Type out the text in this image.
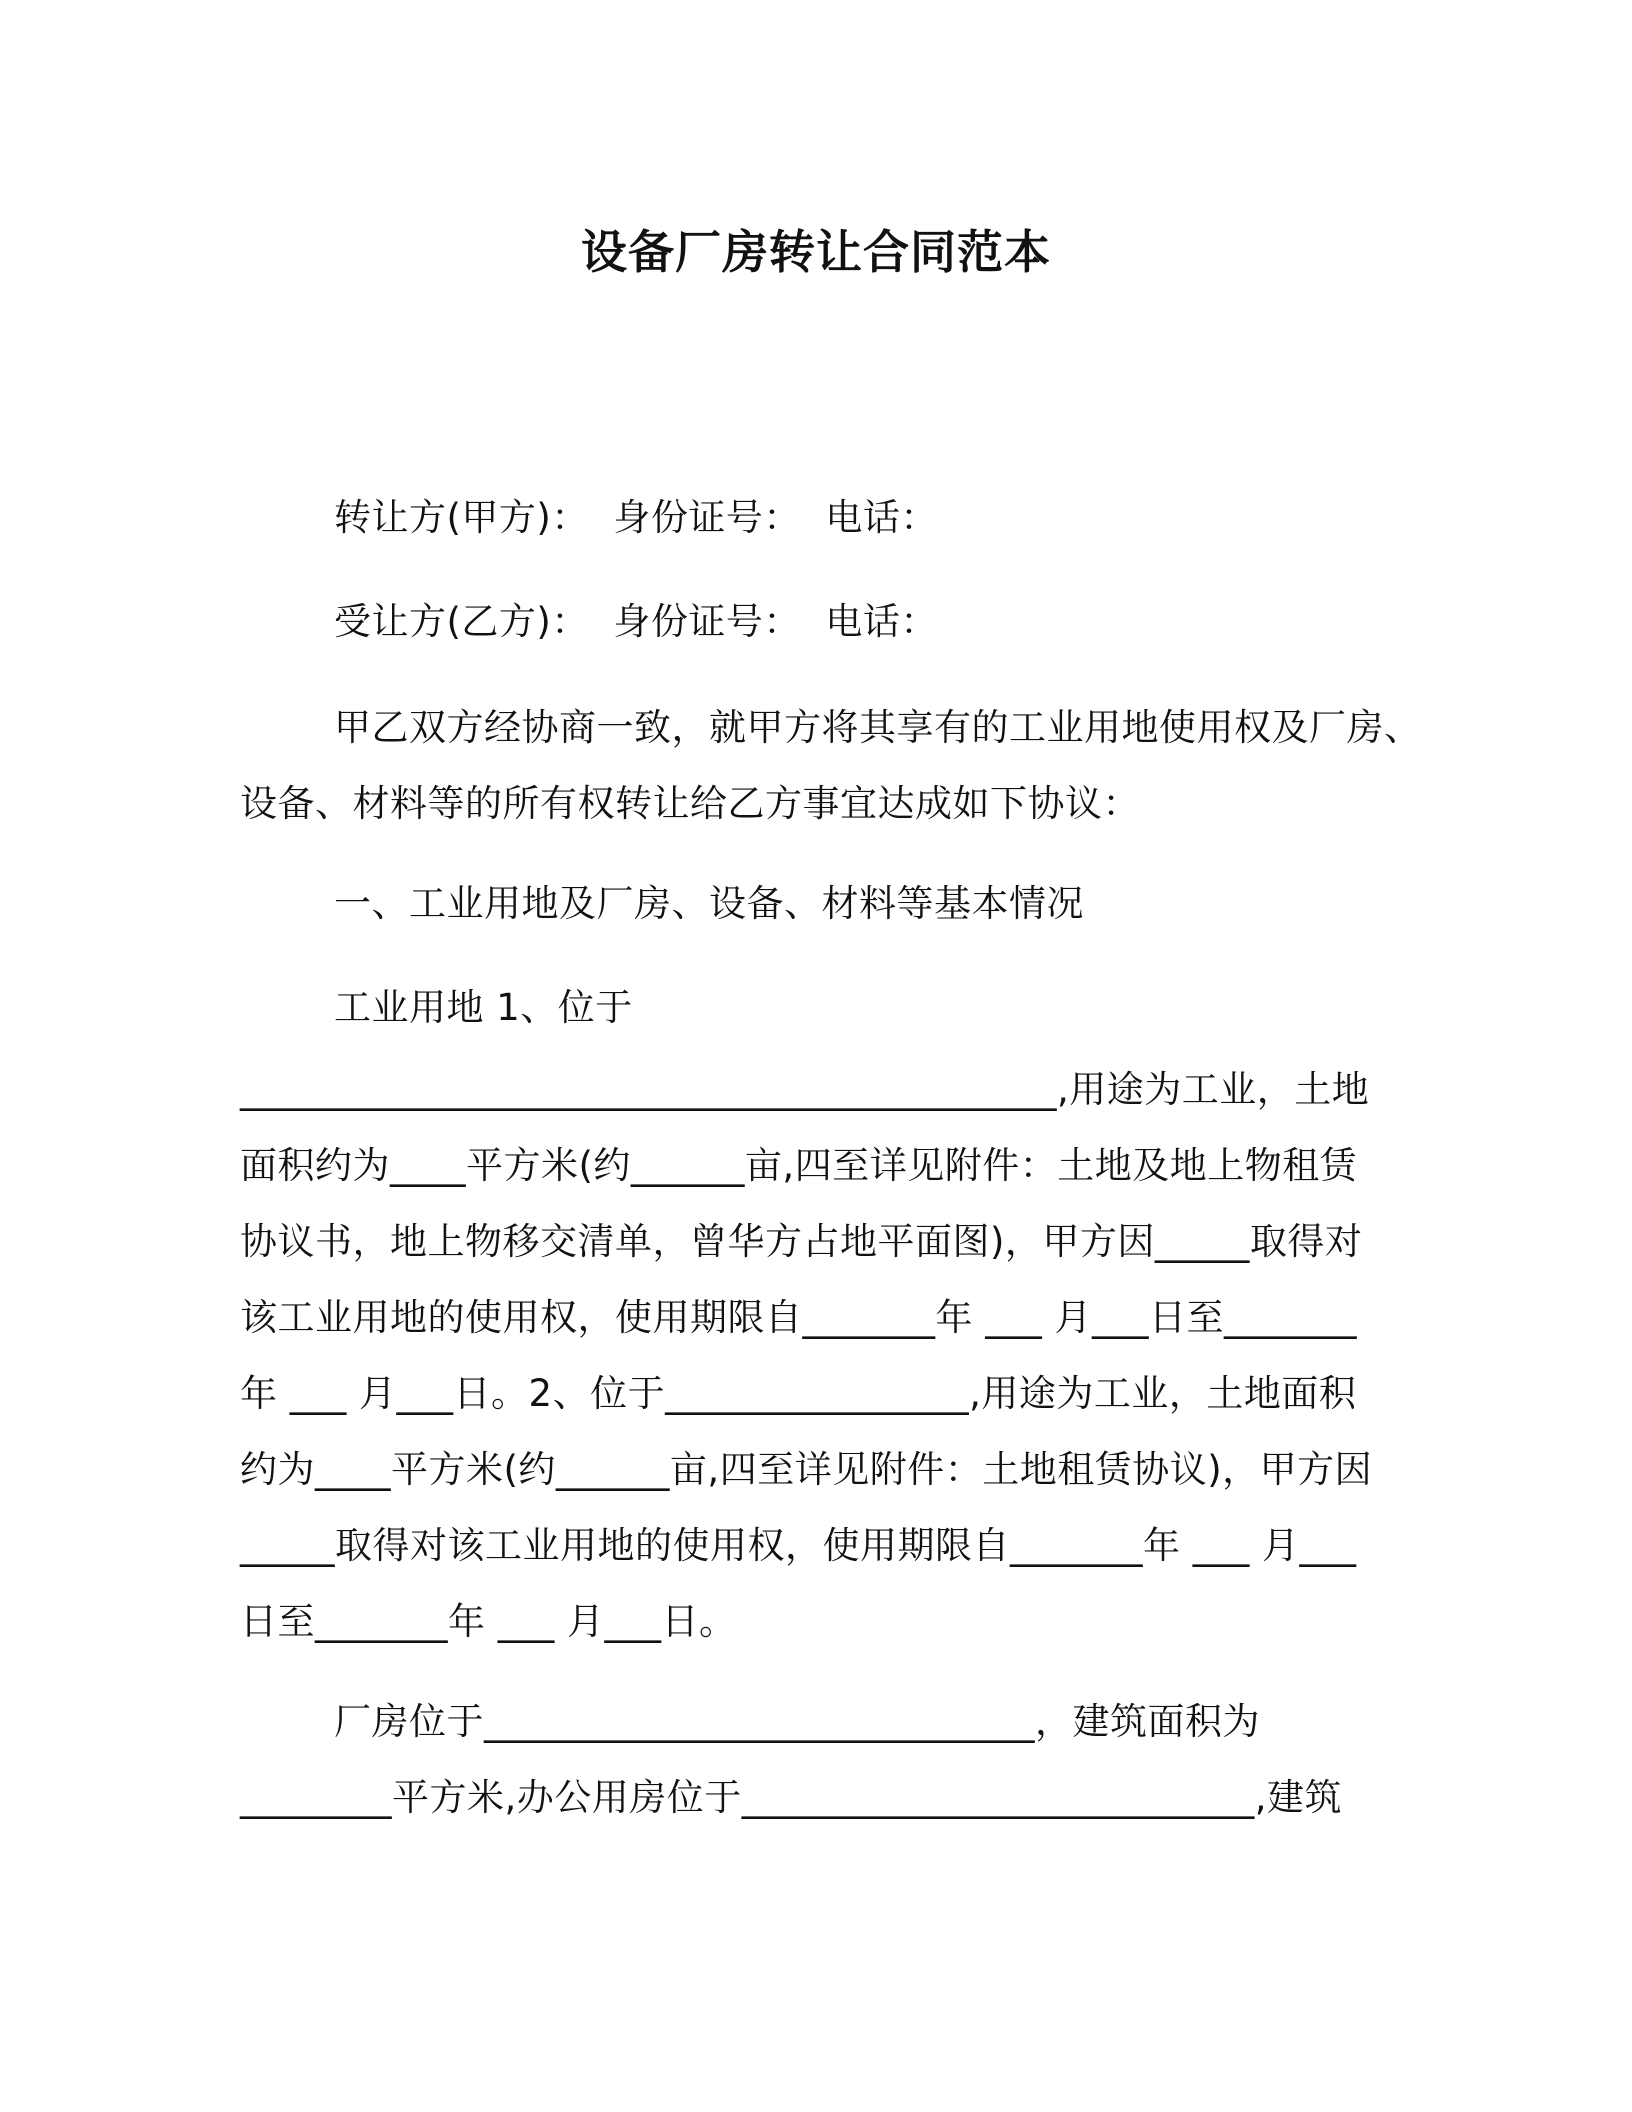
设备厂房转让合同范本
转让方(甲方)：  身份证号：  电话：
受让方(乙方)：  身份证号：  电话：
甲乙双方经协商一致，就甲方将其享有的工业用地使用权及厂房、
设备、材料等的所有权转让给乙方事宜达成如下协议：
一、工业用地及厂房、设备、材料等基本情况
工业用地 1、位于
___________________________________________,用途为工业，土地
面积约为____平方米(约______亩,四至详见附件：土地及地上物租赁
协议书，地上物移交清单，曾华方占地平面图)，甲方因_____取得对
该工业用地的使用权，使用期限自_______年 ___ 月___日至_______
年 ___ 月___日。2、位于________________,用途为工业，土地面积
约为____平方米(约______亩,四至详见附件：土地租赁协议)，甲方因
_____取得对该工业用地的使用权，使用期限自_______年 ___ 月___
日至_______年 ___ 月___日。
厂房位于_____________________________，建筑面积为
________平方米,办公用房位于___________________________,建筑
